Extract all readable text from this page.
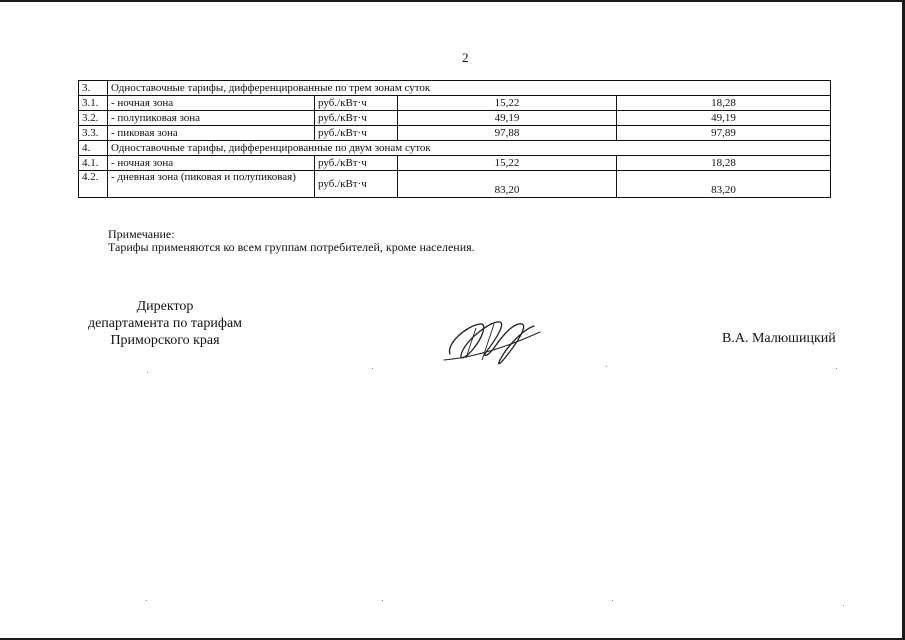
2
3.	Одноставочные тарифы, дифференцированные по трем зонам суток			
3.1.	- ночная зона	руб./кВт·ч	15,22	18,28
3.2.	- полупиковая зона	руб./кВт·ч	49,19	49,19
3.3.	- пиковая зона	руб./кВт·ч	97,88	97,89
4.	Одноставочные тарифы, дифференцированные по двум зонам суток			
4.1.	- ночная зона	руб./кВт·ч	15,22	18,28
4.2.	- дневная зона (пиковая и полупиковая)	руб./кВт·ч	83,20	83,20
Примечание:
Тарифы применяются ко всем группам потребителей, кроме населения.
Директор
департамента по тарифам
Приморского края	В.А. Малюшицкий
